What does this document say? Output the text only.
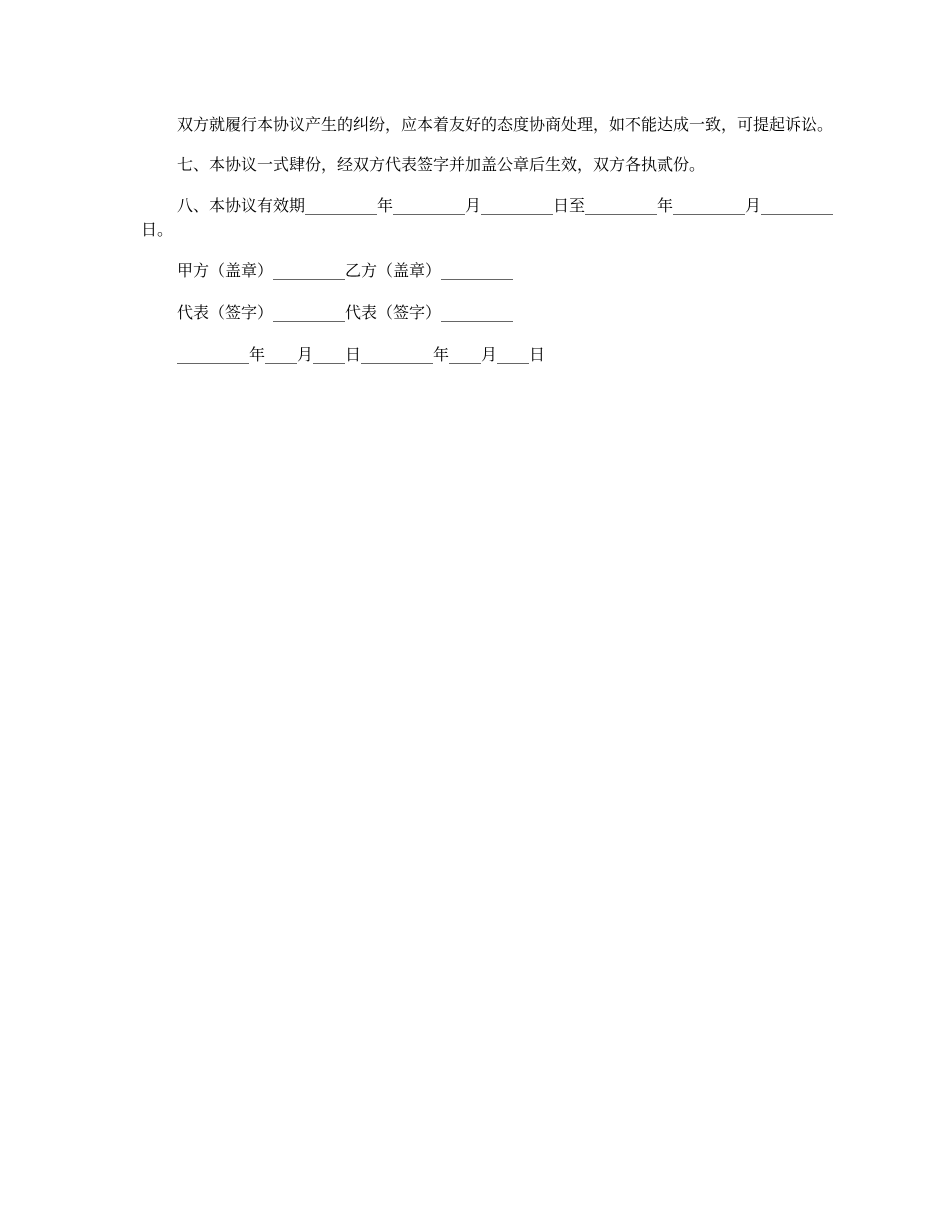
双方就履行本协议产生的纠纷，应本着友好的态度协商处理，如不能达成一致，可提起诉讼。

七、本协议一式肆份，经双方代表签字并加盖公章后生效，双方各执贰份。

八、本协议有效期_________年_________月_________日至_________年_________月_________日。

甲方（盖章）_________乙方（盖章）_________

代表（签字）_________代表（签字）_________

_________年____月____日_________年____月____日
